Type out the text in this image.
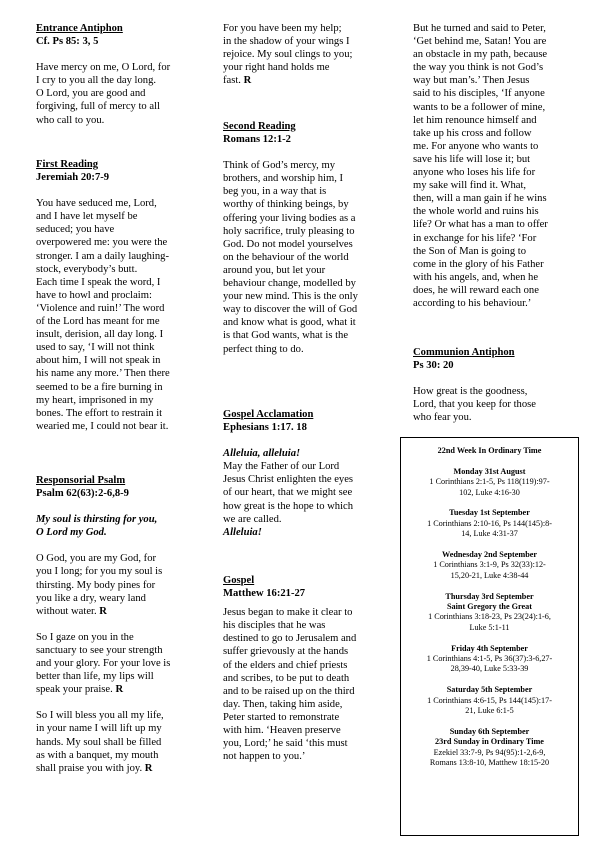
Entrance Antiphon
Cf. Ps 85: 3, 5
Have mercy on me, O Lord, for
I cry to you all the day long.
O Lord, you are good and
forgiving, full of mercy to all
who call to you.
First Reading
Jeremiah 20:7-9
You have seduced me, Lord,
and I have let myself be
seduced; you have
overpowered me: you were the
stronger. I am a daily laughing-
stock, everybody’s butt.
Each time I speak the word, I
have to howl and proclaim:
‘Violence and ruin!’ The word
of the Lord has meant for me
insult, derision, all day long. I
used to say, ‘I will not think
about him, I will not speak in
his name any more.’ Then there
seemed to be a fire burning in
my heart, imprisoned in my
bones. The effort to restrain it
wearied me, I could not bear it.
Responsorial Psalm
Psalm 62(63):2-6,8-9
My soul is thirsting for you,
O Lord my God.
O God, you are my God, for
you I long; for you my soul is
thirsting. My body pines for
you like a dry, weary land
without water. R
So I gaze on you in the
sanctuary to see your strength
and your glory. For your love is
better than life, my lips will
speak your praise. R
So I will bless you all my life,
in your name I will lift up my
hands. My soul shall be filled
as with a banquet, my mouth
shall praise you with joy. R
For you have been my help;
in the shadow of your wings I
rejoice. My soul clings to you;
your right hand holds me
fast. R
Second Reading
Romans 12:1-2
Think of God’s mercy, my
brothers, and worship him, I
beg you, in a way that is
worthy of thinking beings, by
offering your living bodies as a
holy sacrifice, truly pleasing to
God. Do not model yourselves
on the behaviour of the world
around you, but let your
behaviour change, modelled by
your new mind. This is the only
way to discover the will of God
and know what is good, what it
is that God wants, what is the
perfect thing to do.
Gospel Acclamation
Ephesians 1:17. 18
Alleluia, alleluia!
May the Father of our Lord
Jesus Christ enlighten the eyes
of our heart, that we might see
how great is the hope to which
we are called.
Alleluia!
Gospel
Matthew 16:21-27
Jesus began to make it clear to
his disciples that he was
destined to go to Jerusalem and
suffer grievously at the hands
of the elders and chief priests
and scribes, to be put to death
and to be raised up on the third
day. Then, taking him aside,
Peter started to remonstrate
with him. ‘Heaven preserve
you, Lord;’ he said ‘this must
not happen to you.’
But he turned and said to Peter,
‘Get behind me, Satan! You are
an obstacle in my path, because
the way you think is not God’s
way but man’s.’ Then Jesus
said to his disciples, ‘If anyone
wants to be a follower of mine,
let him renounce himself and
take up his cross and follow
me. For anyone who wants to
save his life will lose it; but
anyone who loses his life for
my sake will find it. What,
then, will a man gain if he wins
the whole world and ruins his
life? Or what has a man to offer
in exchange for his life? ‘For
the Son of Man is going to
come in the glory of his Father
with his angels, and, when he
does, he will reward each one
according to his behaviour.’
Communion Antiphon
Ps 30: 20
How great is the goodness,
Lord, that you keep for those
who fear you.
22nd Week In Ordinary Time
Monday 31st August
1 Corinthians 2:1-5, Ps 118(119):97-
102, Luke 4:16-30
Tuesday 1st September
1 Corinthians 2:10-16, Ps 144(145):8-
14, Luke 4:31-37
Wednesday 2nd September
1 Corinthians 3:1-9, Ps 32(33):12-
15,20-21, Luke 4:38-44
Thursday 3rd September
Saint Gregory the Great
1 Corinthians 3:18-23, Ps 23(24):1-6,
Luke 5:1-11
Friday 4th September
1 Corinthians 4:1-5, Ps 36(37):3-6,27-
28,39-40, Luke 5:33-39
Saturday 5th September
1 Corinthians 4:6-15, Ps 144(145):17-
21, Luke 6:1-5
Sunday 6th September
23rd Sunday in Ordinary Time
Ezekiel 33:7-9, Ps 94(95):1-2,6-9,
Romans 13:8-10, Matthew 18:15-20
